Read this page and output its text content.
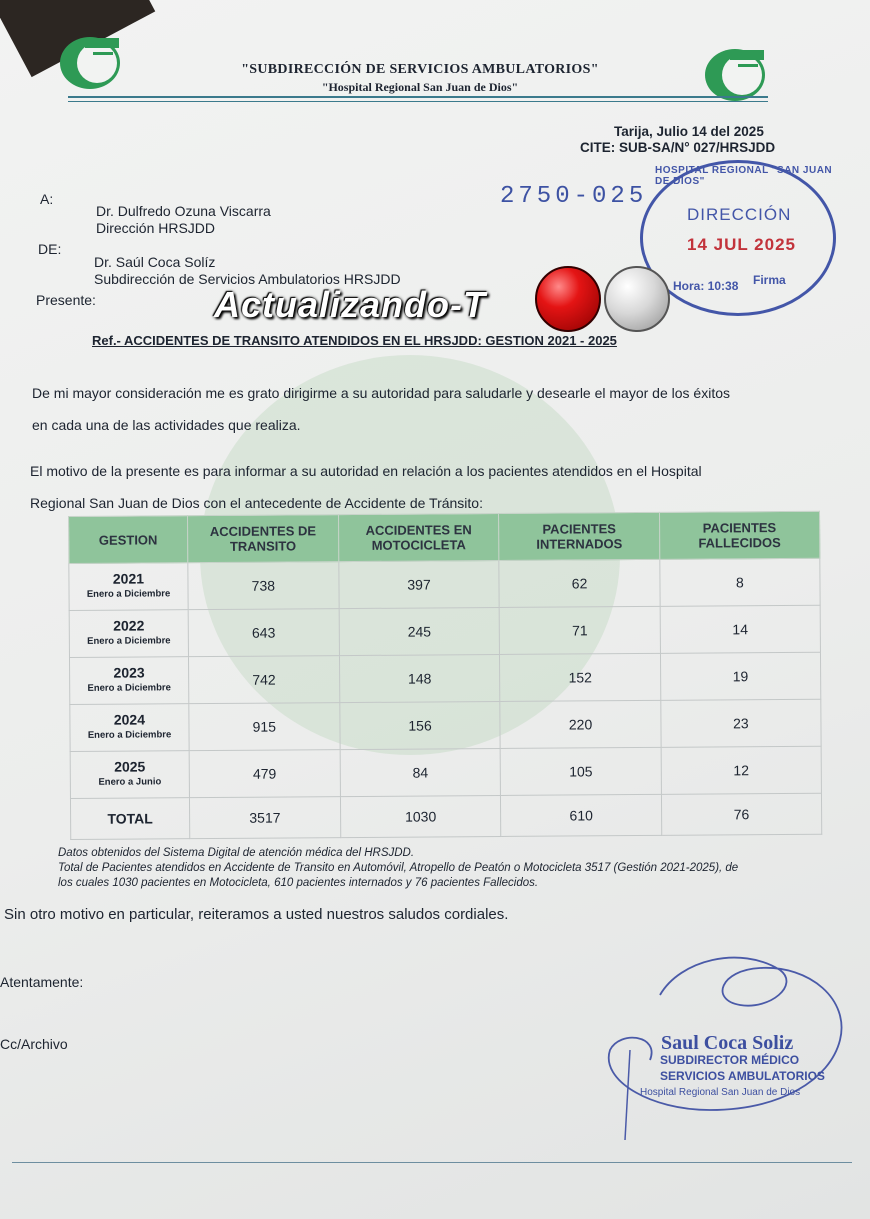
"SUBDIRECCIÓN DE SERVICIOS AMBULATORIOS"
"Hospital Regional San Juan de Dios"
Tarija, Julio 14 del 2025
CITE: SUB-SA/N° 027/HRSJDD
2750-025
HOSPITAL REGIONAL "SAN JUAN DE DIOS"
DIRECCIÓN
14 JUL 2025
Hora: 10:38 Firma
A:
Dr. Dulfredo Ozuna Viscarra
Dirección HRSJDD
DE:
Dr. Saúl Coca Solíz
Subdirección de Servicios Ambulatorios HRSJDD
Presente:	Actualizando-T
Ref.- ACCIDENTES DE TRANSITO ATENDIDOS EN EL HRSJDD: GESTION 2021 - 2025
De mi mayor consideración me es grato dirigirme a su autoridad para saludarle y desearle el mayor de los éxitos
en cada una de las actividades que realiza.
El motivo de la presente es para informar a su autoridad en relación a los pacientes atendidos en el Hospital
Regional San Juan de Dios con el antecedente de Accidente de Tránsito:
GESTION	ACCIDENTES DE TRANSITO	ACCIDENTES EN MOTOCICLETA	PACIENTES INTERNADOS	PACIENTES FALLECIDOS
2021
Enero a Diciembre	738	397	62	8
2022
Enero a Diciembre	643	245	71	14
2023
Enero a Diciembre	742	148	152	19
2024
Enero a Diciembre	915	156	220	23
2025
Enero a Junio	479	84	105	12
TOTAL	3517	1030	610	76
Datos obtenidos del Sistema Digital de atención médica del HRSJDD.
Total de Pacientes atendidos en Accidente de Transito en Automóvil, Atropello de Peatón o Motocicleta 3517 (Gestión 2021-2025), de
los cuales 1030 pacientes en Motocicleta, 610 pacientes internados y 76 pacientes Fallecidos.
Sin otro motivo en particular, reiteramos a usted nuestros saludos cordiales.
Atentamente:
Cc/Archivo	Saul Coca Soliz
SUBDIRECTOR MÉDICO
SERVICIOS AMBULATORIOS
Hospital Regional San Juan de Dios
